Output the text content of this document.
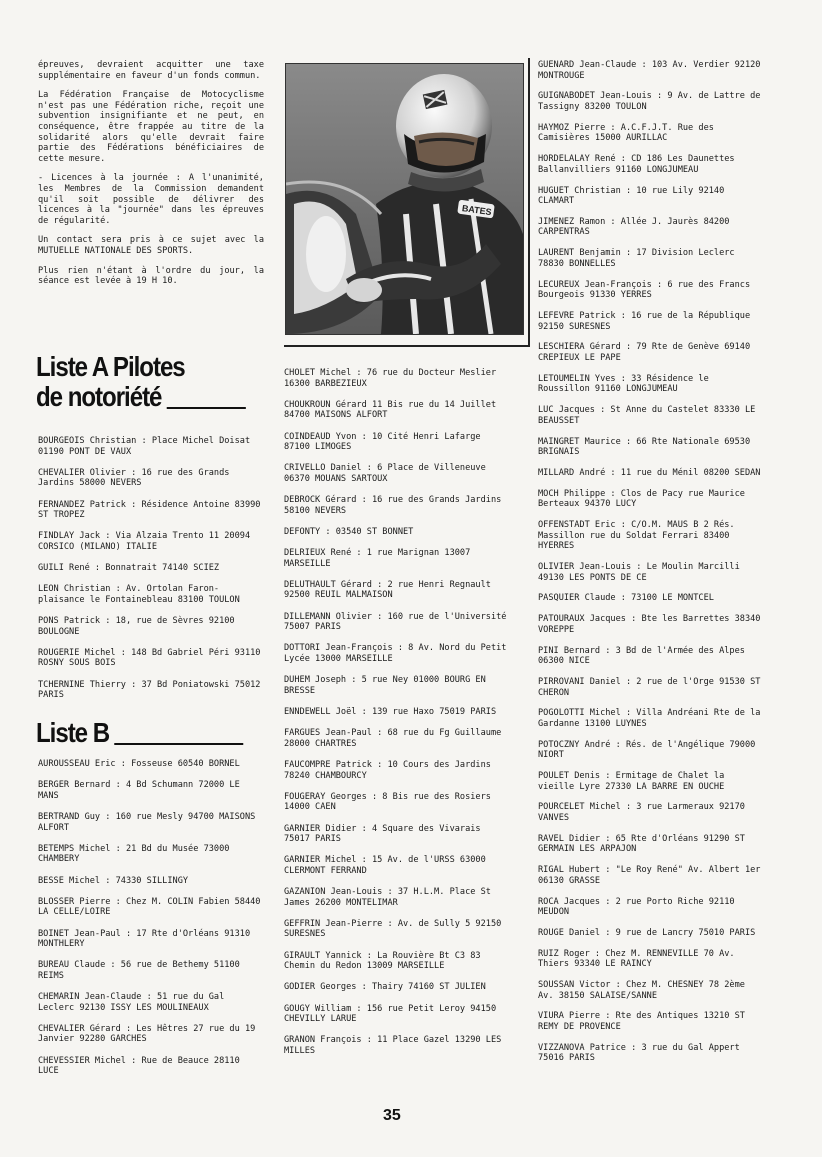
épreuves, devraient acquitter une taxe supplémentaire en faveur d'un fonds commun.

La Fédération Française de Motocyclisme n'est pas une Fédération riche, reçoit une subvention insignifiante et ne peut, en conséquence, être frappée au titre de la solidarité alors qu'elle devrait faire partie des Fédérations bénéficiaires de cette mesure.

- Licences à la journée : A l'unanimité, les Membres de la Commission demandent qu'il soit possible de délivrer des licences à la "journée" dans les épreuves de régularité.

Un contact sera pris à ce sujet avec la MUTUELLE NATIONALE DES SPORTS.

Plus rien n'étant à l'ordre du jour, la séance est levée à 19 H 10.

BATES
Liste A Pilotes
de notoriété
BOURGEOIS Christian : Place Michel Doisat 01190 PONT DE VAUX
CHEVALIER Olivier : 16 rue des Grands Jardins 58000 NEVERS
FERNANDEZ Patrick : Résidence Antoine 83990 ST TROPEZ
FINDLAY Jack : Via Alzaia Trento 11 20094 CORSICO (MILANO) ITALIE
GUILI René : Bonnatrait 74140 SCIEZ
LEON Christian : Av. Ortolan Faron-plaisance le Fontainebleau 83100 TOULON
PONS Patrick : 18, rue de Sèvres 92100 BOULOGNE
ROUGERIE Michel : 148 Bd Gabriel Péri 93110 ROSNY SOUS BOIS
TCHERNINE Thierry : 37 Bd Poniatowski 75012 PARIS
Liste B
AUROUSSEAU Eric : Fosseuse 60540 BORNEL
BERGER Bernard : 4 Bd Schumann 72000 LE MANS
BERTRAND Guy : 160 rue Mesly 94700 MAISONS ALFORT
BETEMPS Michel : 21 Bd du Musée 73000 CHAMBERY
BESSE Michel : 74330 SILLINGY
BLOSSER Pierre : Chez M. COLIN Fabien 58440 LA CELLE/LOIRE
BOINET Jean-Paul : 17 Rte d'Orléans 91310 MONTHLERY
BUREAU Claude : 56 rue de Bethemy 51100 REIMS
CHEMARIN Jean-Claude : 51 rue du Gal Leclerc 92130 ISSY LES MOULINEAUX
CHEVALIER Gérard : Les Hêtres 27 rue du 19 Janvier 92280 GARCHES
CHEVESSIER Michel : Rue de Beauce 28110 LUCE
CHOLET Michel : 76 rue du Docteur Meslier 16300 BARBEZIEUX
CHOUKROUN Gérard 11 Bis rue du 14 Juillet 84700 MAISONS ALFORT
COINDEAUD Yvon : 10 Cité Henri Lafarge 87100 LIMOGES
CRIVELLO Daniel : 6 Place de Villeneuve 06370 MOUANS SARTOUX
DEBROCK Gérard : 16 rue des Grands Jardins 58100 NEVERS
DEFONTY : 03540 ST BONNET
DELRIEUX René : 1 rue Marignan 13007 MARSEILLE
DELUTHAULT Gérard : 2 rue Henri Regnault 92500 REUIL MALMAISON
DILLEMANN Olivier : 160 rue de l'Université 75007 PARIS
DOTTORI Jean-François : 8 Av. Nord du Petit Lycée 13000 MARSEILLE
DUHEM Joseph : 5 rue Ney 01000 BOURG EN BRESSE
ENNDEWELL Joël : 139 rue Haxo 75019 PARIS
FARGUES Jean-Paul : 68 rue du Fg Guillaume 28000 CHARTRES
FAUCOMPRE Patrick : 10 Cours des Jardins 78240 CHAMBOURCY
FOUGERAY Georges : 8 Bis rue des Rosiers 14000 CAEN
GARNIER Didier : 4 Square des Vivarais 75017 PARIS
GARNIER Michel : 15 Av. de l'URSS 63000 CLERMONT FERRAND
GAZANION Jean-Louis : 37 H.L.M. Place St James 26200 MONTELIMAR
GEFFRIN Jean-Pierre : Av. de Sully 5 92150 SURESNES
GIRAULT Yannick : La Rouvière Bt C3 83 Chemin du Redon 13009 MARSEILLE
GODIER Georges : Thairy 74160 ST JULIEN
GOUGY William : 156 rue Petit Leroy 94150 CHEVILLY LARUE
GRANON François : 11 Place Gazel 13290 LES MILLES
GUENARD Jean-Claude : 103 Av. Verdier 92120 MONTROUGE
GUIGNABODET Jean-Louis : 9 Av. de Lattre de Tassigny 83200 TOULON
HAYMOZ Pierre : A.C.F.J.T. Rue des Camisières 15000 AURILLAC
HORDELALAY René : CD 186 Les Daunettes Ballanvilliers 91160 LONGJUMEAU
HUGUET Christian : 10 rue Lily 92140 CLAMART
JIMENEZ Ramon : Allée J. Jaurès 84200 CARPENTRAS
LAURENT Benjamin : 17 Division Leclerc 78830 BONNELLES
LECUREUX Jean-François : 6 rue des Francs Bourgeois 91330 YERRES
LEFEVRE Patrick : 16 rue de la République 92150 SURESNES
LESCHIERA Gérard : 79 Rte de Genève 69140 CREPIEUX LE PAPE
LETOUMELIN Yves : 33 Résidence le Roussillon 91160 LONGJUMEAU
LUC Jacques : St Anne du Castelet 83330 LE BEAUSSET
MAINGRET Maurice : 66 Rte Nationale 69530 BRIGNAIS
MILLARD André : 11 rue du Ménil 08200 SEDAN
MOCH Philippe : Clos de Pacy rue Maurice Berteaux 94370 LUCY
OFFENSTADT Eric : C/O.M. MAUS B 2 Rés. Massillon rue du Soldat Ferrari 83400 HYERRES
OLIVIER Jean-Louis : Le Moulin Marcilli 49130 LES PONTS DE CE
PASQUIER Claude : 73100 LE MONTCEL
PATOURAUX Jacques : Bte les Barrettes 38340 VOREPPE
PINI Bernard : 3 Bd de l'Armée des Alpes 06300 NICE
PIRROVANI Daniel : 2 rue de l'Orge 91530 ST CHERON
POGOLOTTI Michel : Villa Andréani Rte de la Gardanne 13100 LUYNES
POTOCZNY André : Rés. de l'Angélique 79000 NIORT
POULET Denis : Ermitage de Chalet la vieille Lyre 27330 LA BARRE EN OUCHE
POURCELET Michel : 3 rue Larmeraux 92170 VANVES
RAVEL Didier : 65 Rte d'Orléans 91290 ST GERMAIN LES ARPAJON
RIGAL Hubert : "Le Roy René" Av. Albert 1er 06130 GRASSE
ROCA Jacques : 2 rue Porto Riche 92110 MEUDON
ROUGE Daniel : 9 rue de Lancry 75010 PARIS
RUIZ Roger : Chez M. RENNEVILLE 70 Av. Thiers 93340 LE RAINCY
SOUSSAN Victor : Chez M. CHESNEY 78 2ème Av. 38150 SALAISE/SANNE
VIURA Pierre : Rte des Antiques 13210 ST REMY DE PROVENCE
VIZZANOVA Patrice : 3 rue du Gal Appert 75016 PARIS
35
